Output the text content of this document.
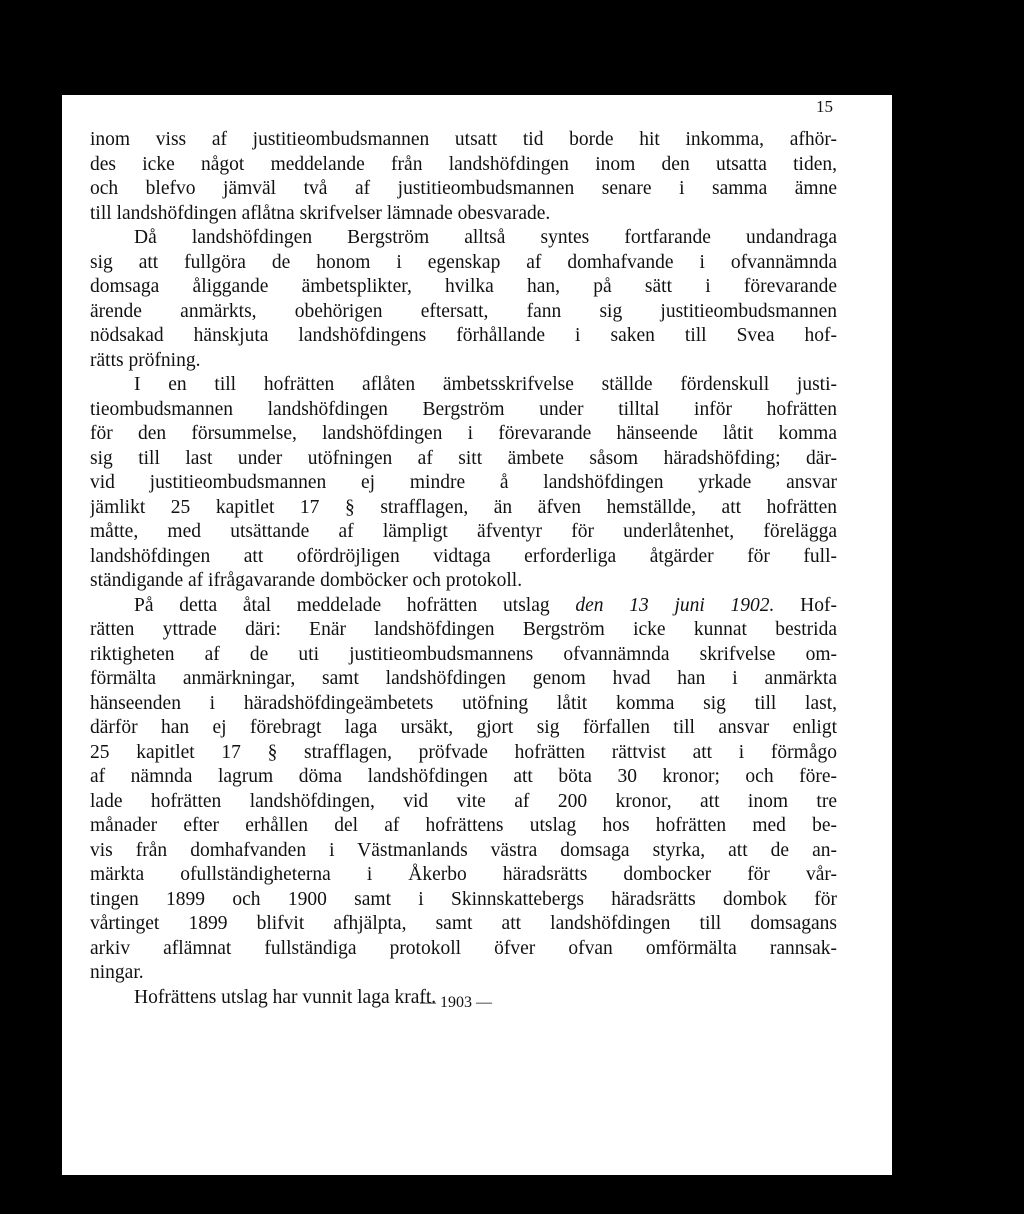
15
inom viss af justitieombudsmannen utsatt tid borde hit inkomma, afhör-
des icke något meddelande från landshöfdingen inom den utsatta tiden,
och blefvo jämväl två af justitieombudsmannen senare i samma ämne
till landshöfdingen aflåtna skrifvelser lämnade obesvarade.
Då landshöfdingen Bergström alltså syntes fortfarande undandraga
sig att fullgöra de honom i egenskap af domhafvande i ofvannämnda
domsaga åliggande ämbetsplikter, hvilka han, på sätt i förevarande
ärende anmärkts, obehörigen eftersatt, fann sig justitieombudsmannen
nödsakad hänskjuta landshöfdingens förhållande i saken till Svea hof-
rätts pröfning.
I en till hofrätten aflåten ämbetsskrifvelse ställde fördenskull justi-
tieombudsmannen landshöfdingen Bergström under tilltal inför hofrätten
för den försummelse, landshöfdingen i förevarande hänseende låtit komma
sig till last under utöfningen af sitt ämbete såsom häradshöfding; där-
vid justitieombudsmannen ej mindre å landshöfdingen yrkade ansvar
jämlikt 25 kapitlet 17 § strafflagen, än äfven hemställde, att hofrätten
måtte, med utsättande af lämpligt äfventyr för underlåtenhet, förelägga
landshöfdingen att ofördröjligen vidtaga erforderliga åtgärder för full-
ständigande af ifrågavarande domböcker och protokoll.
På detta åtal meddelade hofrätten utslag den 13 juni 1902. Hof-
rätten yttrade däri: Enär landshöfdingen Bergström icke kunnat bestrida
riktigheten af de uti justitieombudsmannens ofvannämnda skrifvelse om-
förmälta anmärkningar, samt landshöfdingen genom hvad han i anmärkta
hänseenden i häradshöfdingeämbetets utöfning låtit komma sig till last,
därför han ej förebragt laga ursäkt, gjort sig förfallen till ansvar enligt
25 kapitlet 17 § strafflagen, pröfvade hofrätten rättvist att i förmågo
af nämnda lagrum döma landshöfdingen att böta 30 kronor; och före-
lade hofrätten landshöfdingen, vid vite af 200 kronor, att inom tre
månader efter erhållen del af hofrättens utslag hos hofrätten med be-
vis från domhafvanden i Västmanlands västra domsaga styrka, att de an-
märkta ofullständigheterna i Åkerbo häradsrätts dombocker för vår-
tingen 1899 och 1900 samt i Skinnskattebergs häradsrätts dombok för
vårtinget 1899 blifvit afhjälpta, samt att landshöfdingen till domsagans
arkiv aflämnat fullständiga protokoll öfver ofvan omförmälta rannsak-
ningar.
Hofrättens utslag har vunnit laga kraft.
— 1903 —
